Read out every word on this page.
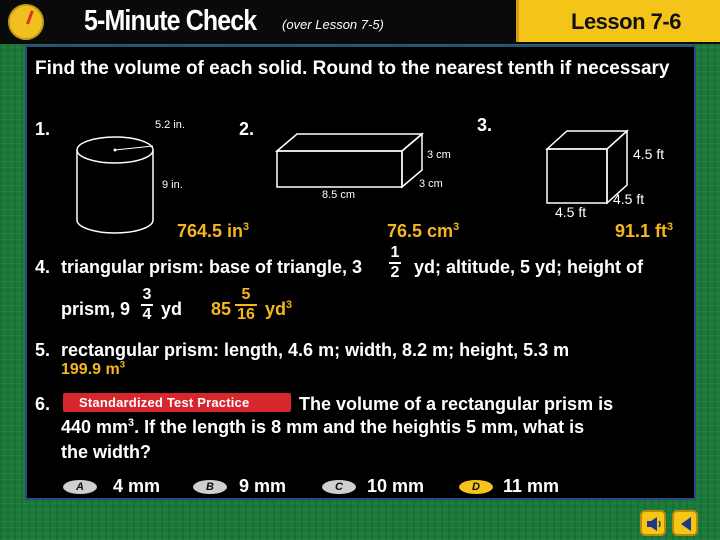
5-Minute Check (over Lesson 7-5)	Lesson 7-6
Find the volume of each solid. Round to the nearest tenth if necessary
1.	5.2 in.
9 in.
764.5 $in^3$
2.
3 cm
3 cm
8.5 cm
76.5 $cm^3$
3.
4.5 ft
4.5 ft
4.5 ft
91.1 $ft^3$
4. triangular prism: base of triangle, 3
1
2 yd; altitude, 5 yd; height of
prism, 9
3
4 yd 85
5
16 $yd^3$
5. rectangular prism: length, 4.6 m; width, 8.2 m; height, 5.3 m
199.9 $m^3$
6. Standardized Test Practice	The volume of a rectangular prism is
440 $mm^3$. If the length is 8 mm and the heightis 5 mm, what is
the width?
A 4 mm	B 9 mm	C 10 mm	D 11 mm
